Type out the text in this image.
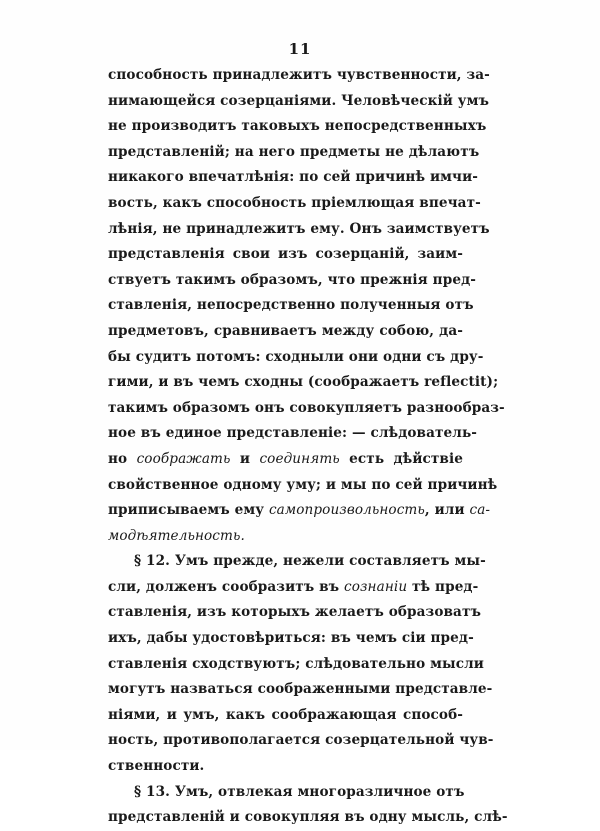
11
способность принадлежитъ чувственности, за-
нимающейся созерцаніями. Человѣческій умъ
не производитъ таковыхъ непосредственныхъ
представленій; на него предметы не дѣлаютъ
никакого впечатлѣнія: по сей причинѣ имчи-
вость, какъ способность пріемлющая впечат-
лѣнія, не принадлежитъ ему. Онъ заимствуетъ
представленія свои изъ созерцаній, заим-
ствуетъ такимъ образомъ, что прежнія пред-
ставленія, непосредственно полученныя отъ
предметовъ, сравниваетъ между собою, да-
бы судитъ потомъ: сходныли они одни съ дру-
гими, и въ чемъ сходны (соображаетъ reflectit);
такимъ образомъ онъ совокупляетъ разнообраз-
ное въ единое представленіе: — слѣдователь-
но соображать и соединять есть дѣйствіе
свойственное одному уму; и мы по сей причинѣ
приписываемъ ему самопроизвольность, или са-
модѣятельность.
§ 12. Умъ прежде, нежели составляетъ мы-
сли, долженъ сообразитъ въ сознаніи тѣ пред-
ставленія, изъ которыхъ желаетъ образоватъ
ихъ, дабы удостовѣриться: въ чемъ сіи пред-
ставленія сходствуютъ; слѣдовательно мысли
могутъ назваться соображенными представле-
ніями, и умъ, какъ соображающая способ-
ность, противополагается созерцательной чув-
ственности.
§ 13. Умъ, отвлекая многоразличное отъ
представленій и совокупляя въ одну мысль, слѣ-
